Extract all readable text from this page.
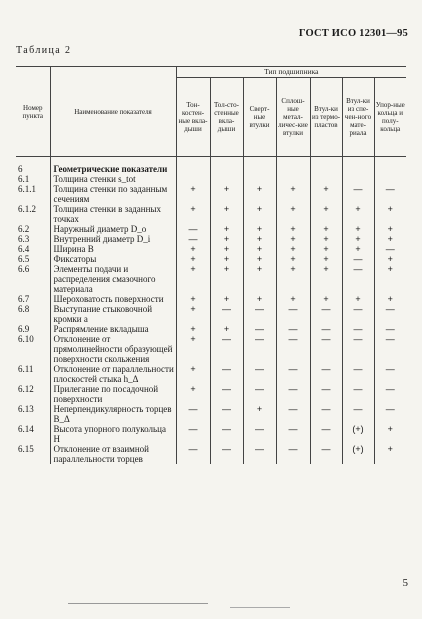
ГОСТ ИСО 12301—95
Таблица 2
Номер пункта	Наименование показателя	Тип подшипника						
		Тон-костен-ные вкла-дыши	Тол-сто-стенные вкла-дыши	Сверт-ные втулки	Сплош-ные метал-личес-кие втулки	Втул-ки из термо-пластов	Втул-ки из спе-чен-ного мате-риала	Упор-ные кольца и полу-кольца
6	Геометрические показатели							
6.1	Толщина стенки s_tot							
6.1.1	Толщина стенки по заданным сечениям	+	+	+	+	+	—	—
6.1.2	Толщина стенки в заданных точках	+	+	+	+	+	+	+
6.2	Наружный диаметр D_o	—	+	+	+	+	+	+
6.3	Внутренний диаметр D_i	—	+	+	+	+	+	+
6.4	Ширина B	+	+	+	+	+	+	—
6.5	Фиксаторы	+	+	+	+	+	—	+
6.6	Элементы подачи и распределения смазочного материала	+	+	+	+	+	—	+
6.7	Шероховатость поверхности	+	+	+	+	+	+	+
6.8	Выступание стыковочной кромки a	+	—	—	—	—	—	—
6.9	Распрямление вкладыша	+	+	—	—	—	—	—
6.10	Отклонение от прямолинейности образующей поверхности скольжения	+	—	—	—	—	—	—
6.11	Отклонение от параллельности плоскостей стыка h_Δ	+	—	—	—	—	—	—
6.12	Прилегание по посадочной поверхности	+	—	—	—	—	—	—
6.13	Неперпендикулярность торцев B_Δ	—	—	+	—	—	—	—
6.14	Высота упорного полукольца H	—	—	—	—	—	(+)	+
6.15	Отклонение от взаимной параллельности торцев	—	—	—	—	—	(+)	+
5
